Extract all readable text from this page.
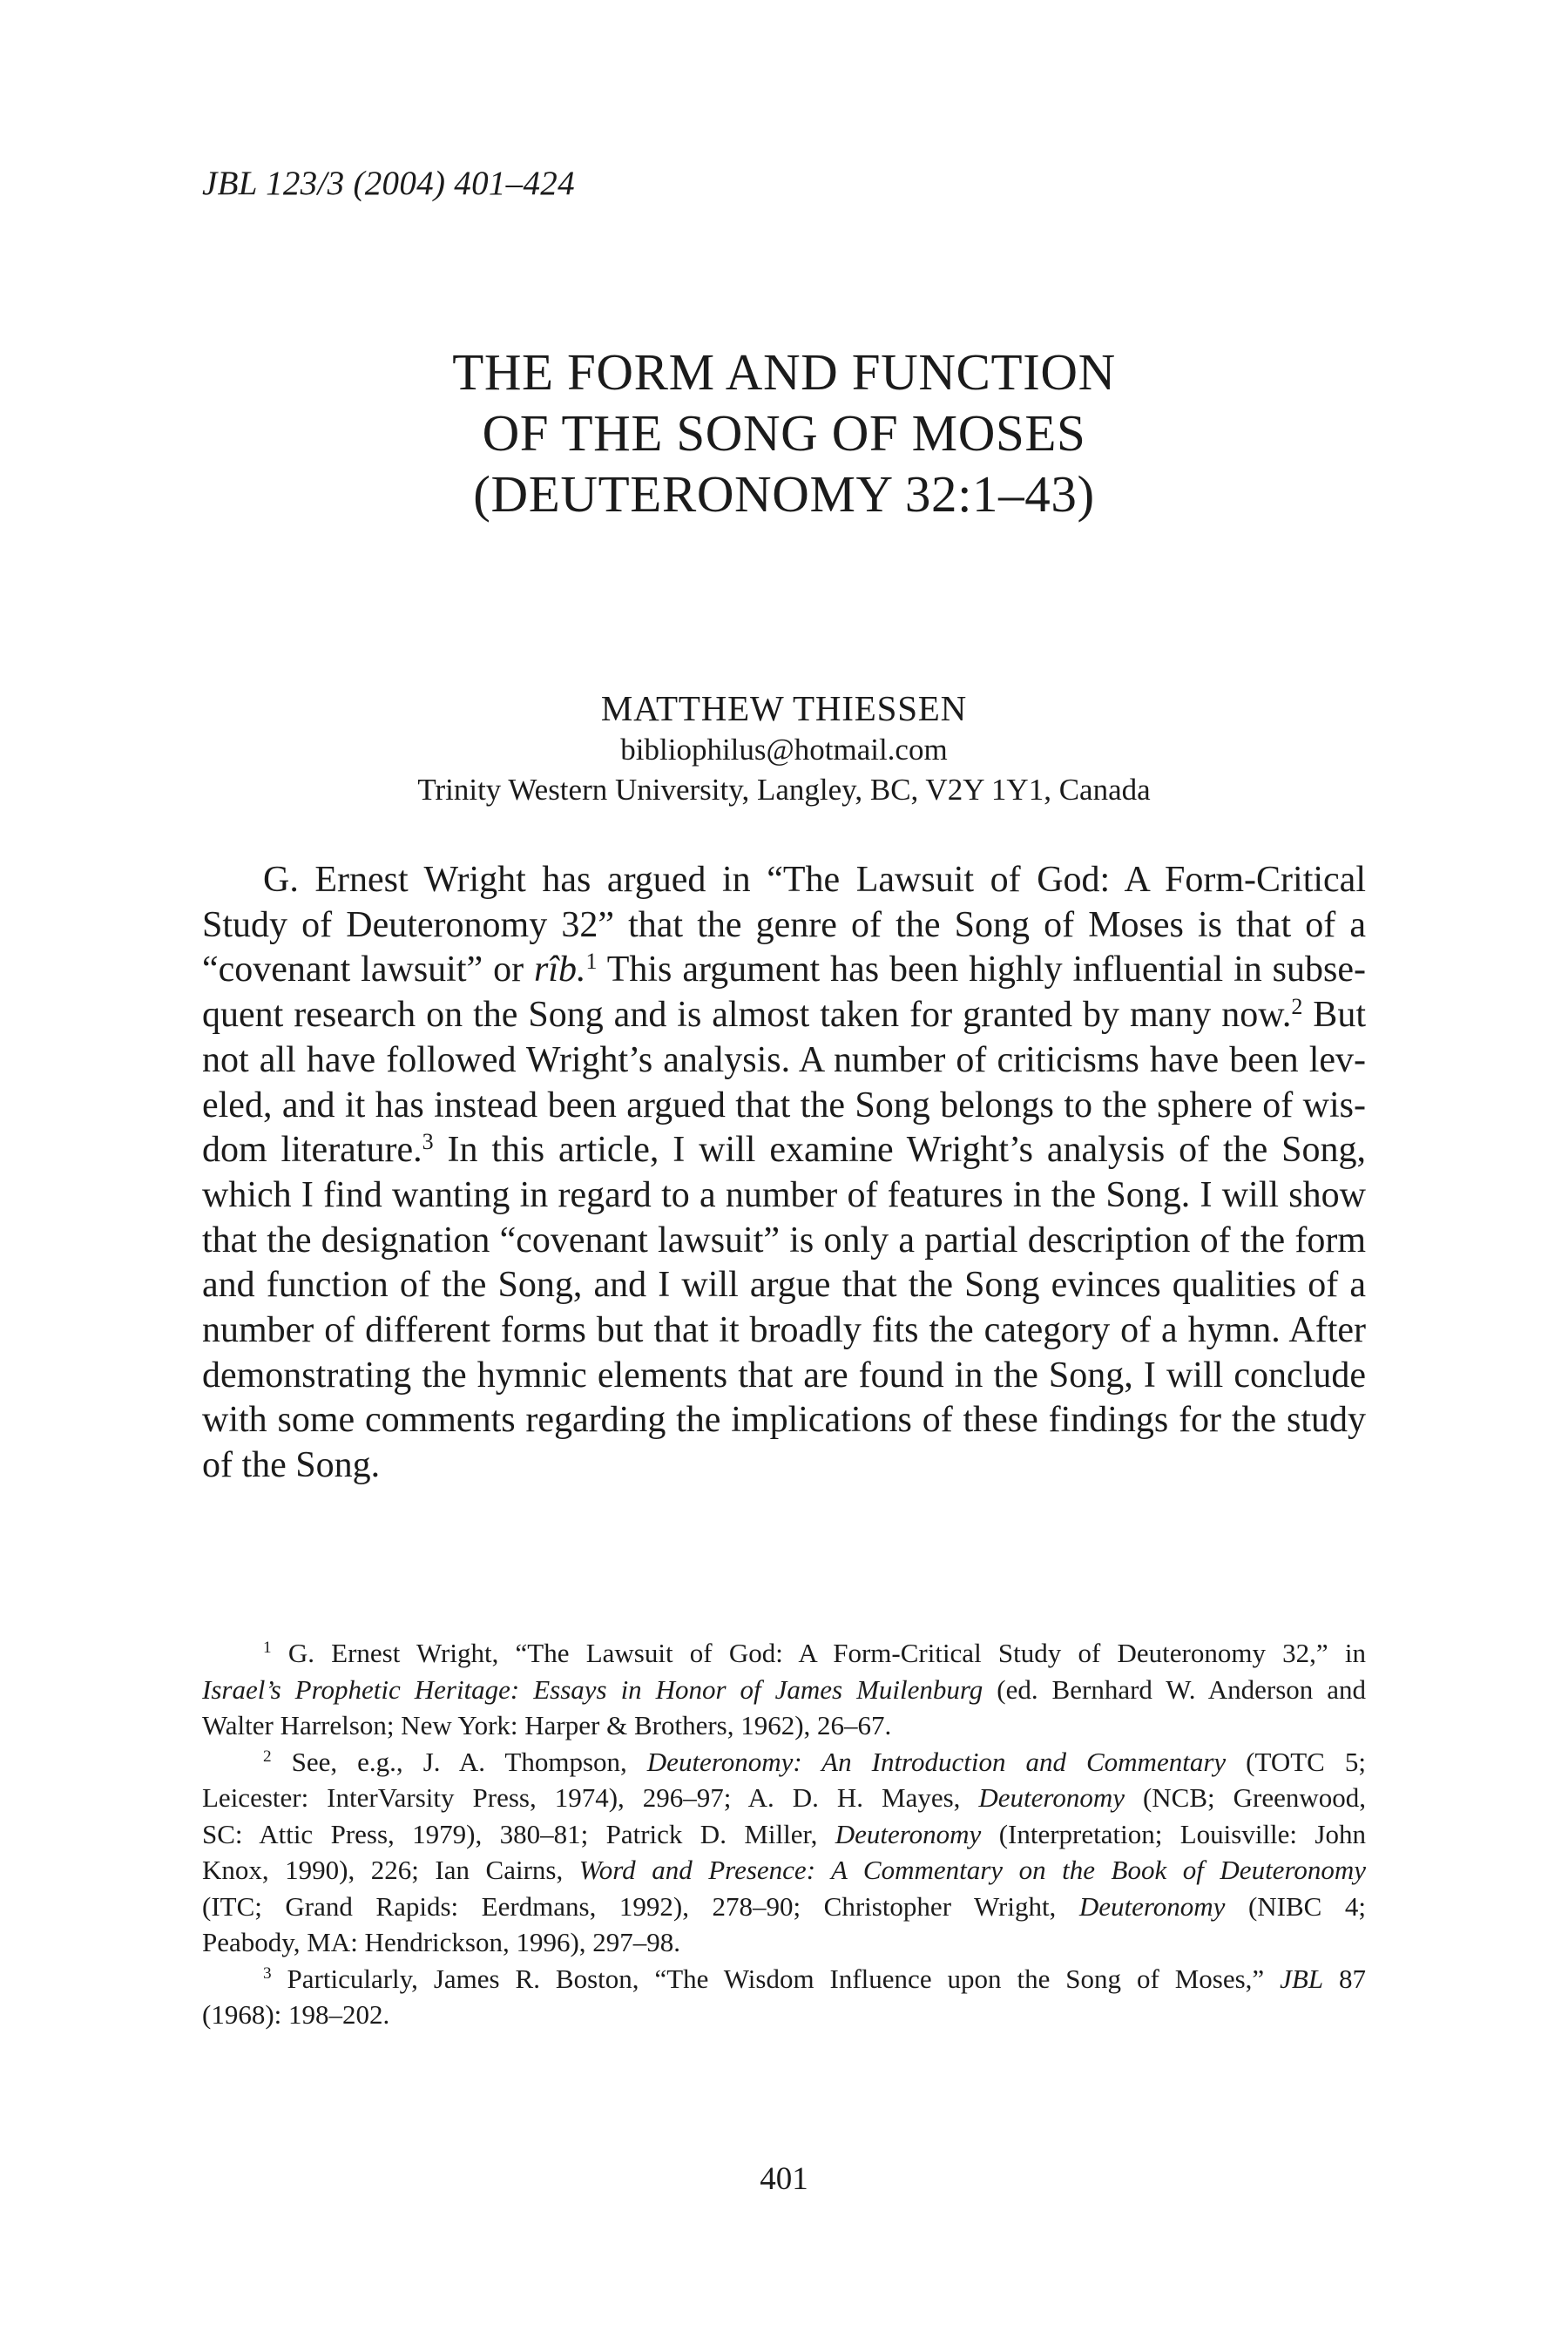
JBL 123/3 (2004) 401–424
THE FORM AND FUNCTION
OF THE SONG OF MOSES
(DEUTERONOMY 32:1–43)
MATTHEW THIESSEN
bibliophilus@hotmail.com
Trinity Western University, Langley, BC, V2Y 1Y1, Canada
G. Ernest Wright has argued in “The Lawsuit of God: A Form-Critical
Study of Deuteronomy 32” that the genre of the Song of Moses is that of a
“covenant lawsuit” or rîb.$^1$ This argument has been highly influential in subse-
quent research on the Song and is almost taken for granted by many now.$^2$ But
not all have followed Wright’s analysis. A number of criticisms have been lev-
eled, and it has instead been argued that the Song belongs to the sphere of wis-
dom literature.$^3$ In this article, I will examine Wright’s analysis of the Song,
which I find wanting in regard to a number of features in the Song. I will show
that the designation “covenant lawsuit” is only a partial description of the form
and function of the Song, and I will argue that the Song evinces qualities of a
number of different forms but that it broadly fits the category of a hymn. After
demonstrating the hymnic elements that are found in the Song, I will conclude
with some comments regarding the implications of these findings for the study
of the Song.
$^1$ G. Ernest Wright, “The Lawsuit of God: A Form-Critical Study of Deuteronomy 32,” in
Israel’s Prophetic Heritage: Essays in Honor of James Muilenburg (ed. Bernhard W. Anderson and
Walter Harrelson; New York: Harper & Brothers, 1962), 26–67.
$^2$ See, e.g., J. A. Thompson, Deuteronomy: An Introduction and Commentary (TOTC 5;
Leicester: InterVarsity Press, 1974), 296–97; A. D. H. Mayes, Deuteronomy (NCB; Greenwood,
SC: Attic Press, 1979), 380–81; Patrick D. Miller, Deuteronomy (Interpretation; Louisville: John
Knox, 1990), 226; Ian Cairns, Word and Presence: A Commentary on the Book of Deuteronomy
(ITC; Grand Rapids: Eerdmans, 1992), 278–90; Christopher Wright, Deuteronomy (NIBC 4;
Peabody, MA: Hendrickson, 1996), 297–98.
$^3$ Particularly, James R. Boston, “The Wisdom Influence upon the Song of Moses,” JBL 87
(1968): 198–202.
401
